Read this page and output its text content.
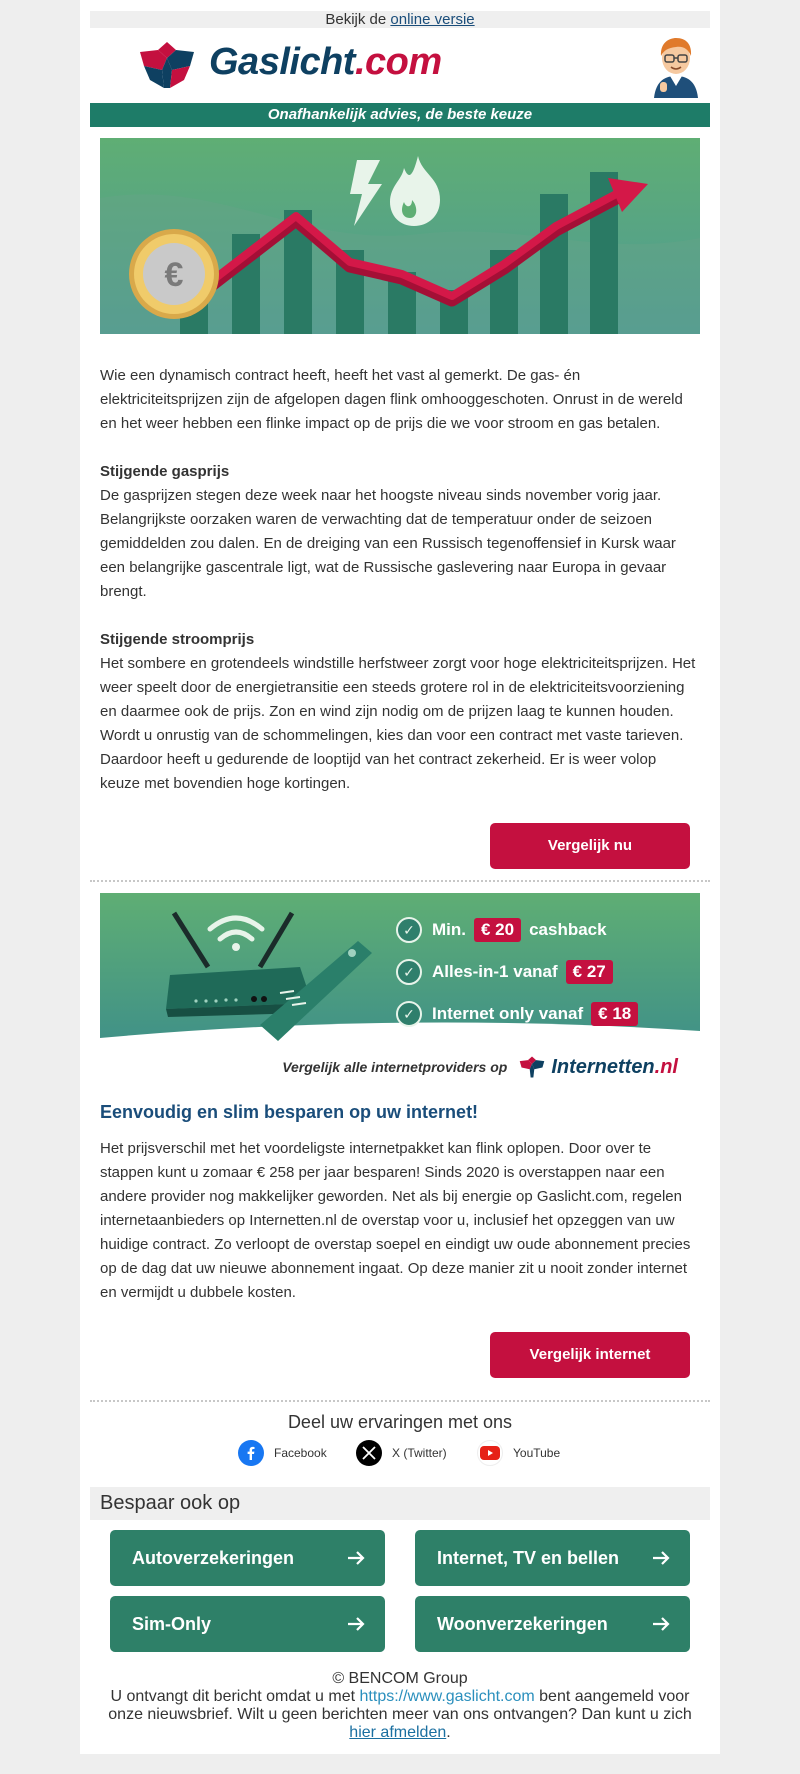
Bekijk de online versie
Gaslicht.com
Onafhankelijk advies, de beste keuze
€
Wie een dynamisch contract heeft, heeft het vast al gemerkt. De gas- én elektriciteitsprijzen zijn de afgelopen dagen flink omhooggeschoten. Onrust in de wereld en het weer hebben een flinke impact op de prijs die we voor stroom en gas betalen.
Stijgende gasprijs
De gasprijzen stegen deze week naar het hoogste niveau sinds november vorig jaar. Belangrijkste oorzaken waren de verwachting dat de temperatuur onder de seizoen gemiddelden zou dalen. En de dreiging van een Russisch tegenoffensief in Kursk waar een belangrijke gascentrale ligt, wat de Russische gaslevering naar Europa in gevaar brengt.
Stijgende stroomprijs
Het sombere en grotendeels windstille herfstweer zorgt voor hoge elektriciteitsprijzen. Het weer speelt door de energietransitie een steeds grotere rol in de elektriciteitsvoorziening en daarmee ook de prijs. Zon en wind zijn nodig om de prijzen laag te kunnen houden. Wordt u onrustig van de schommelingen, kies dan voor een contract met vaste tarieven. Daardoor heeft u gedurende de looptijd van het contract zekerheid. Er is weer volop keuze met bovendien hoge kortingen.
Vergelijk nu
✓	Min. € 20 cashback
✓	Alles-in-1 vanaf € 27
✓	Internet only vanaf € 18
Vergelijk alle internetproviders op Internetten.nl
Eenvoudig en slim besparen op uw internet!
Het prijsverschil met het voordeligste internetpakket kan flink oplopen. Door over te stappen kunt u zomaar € 258 per jaar besparen! Sinds 2020 is overstappen naar een andere provider nog makkelijker geworden. Net als bij energie op Gaslicht.com, regelen internetaanbieders op Internetten.nl de overstap voor u, inclusief het opzeggen van uw huidige contract. Zo verloopt de overstap soepel en eindigt uw oude abonnement precies op de dag dat uw nieuwe abonnement ingaat. Op deze manier zit u nooit zonder internet en vermijdt u dubbele kosten.
Vergelijk internet
Deel uw ervaringen met ons
Facebook	X (Twitter)	YouTube
Bespaar ook op
Autoverzekeringen	Internet, TV en bellen
Sim-Only	Woonverzekeringen
© BENCOM Group
U ontvangt dit bericht omdat u met https://www.gaslicht.com bent aangemeld voor onze nieuwsbrief. Wilt u geen berichten meer van ons ontvangen? Dan kunt u zich hier afmelden.
